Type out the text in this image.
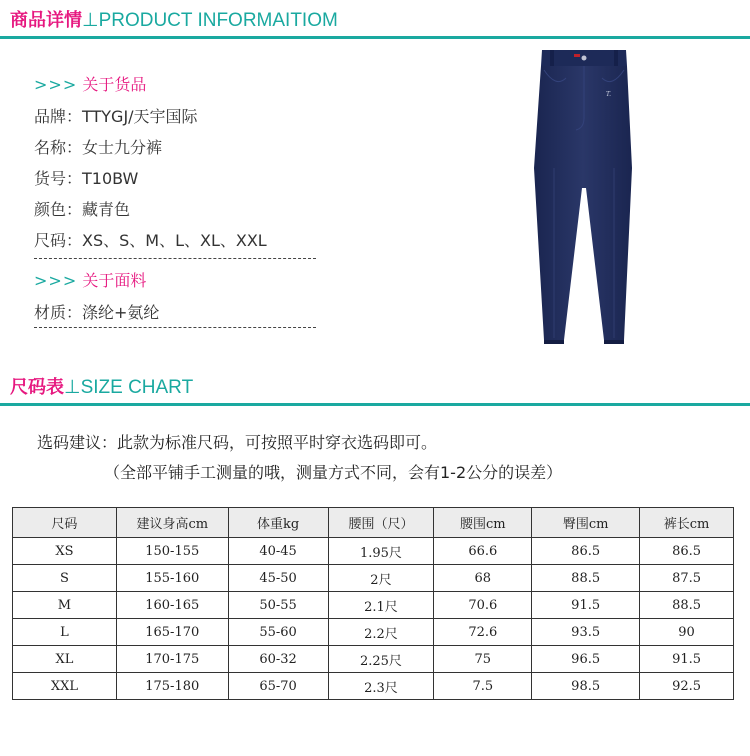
商品详情⊥PRODUCT INFORMAITIOM
>>> 关于货品
品牌：TTYGJ/天宇国际
名称：女士九分裤
货号：T10BW
颜色：藏青色
尺码：XS、S、M、L、XL、XXL
>>> 关于面料
材质：涤纶+氨纶
T.
尺码表⊥SIZE CHART
选码建议：此款为标准尺码，可按照平时穿衣选码即可。
（全部平铺手工测量的哦，测量方式不同，会有1-2公分的误差）
尺码	建议身高cm	体重kg	腰围（尺）	腰围cm	臀围cm	裤长cm
XS	150-155	40-45	1.95尺	66.6	86.5	86.5
S	155-160	45-50	2尺	68	88.5	87.5
M	160-165	50-55	2.1尺	70.6	91.5	88.5
L	165-170	55-60	2.2尺	72.6	93.5	90
XL	170-175	60-32	2.25尺	75	96.5	91.5
XXL	175-180	65-70	2.3尺	7.5	98.5	92.5
